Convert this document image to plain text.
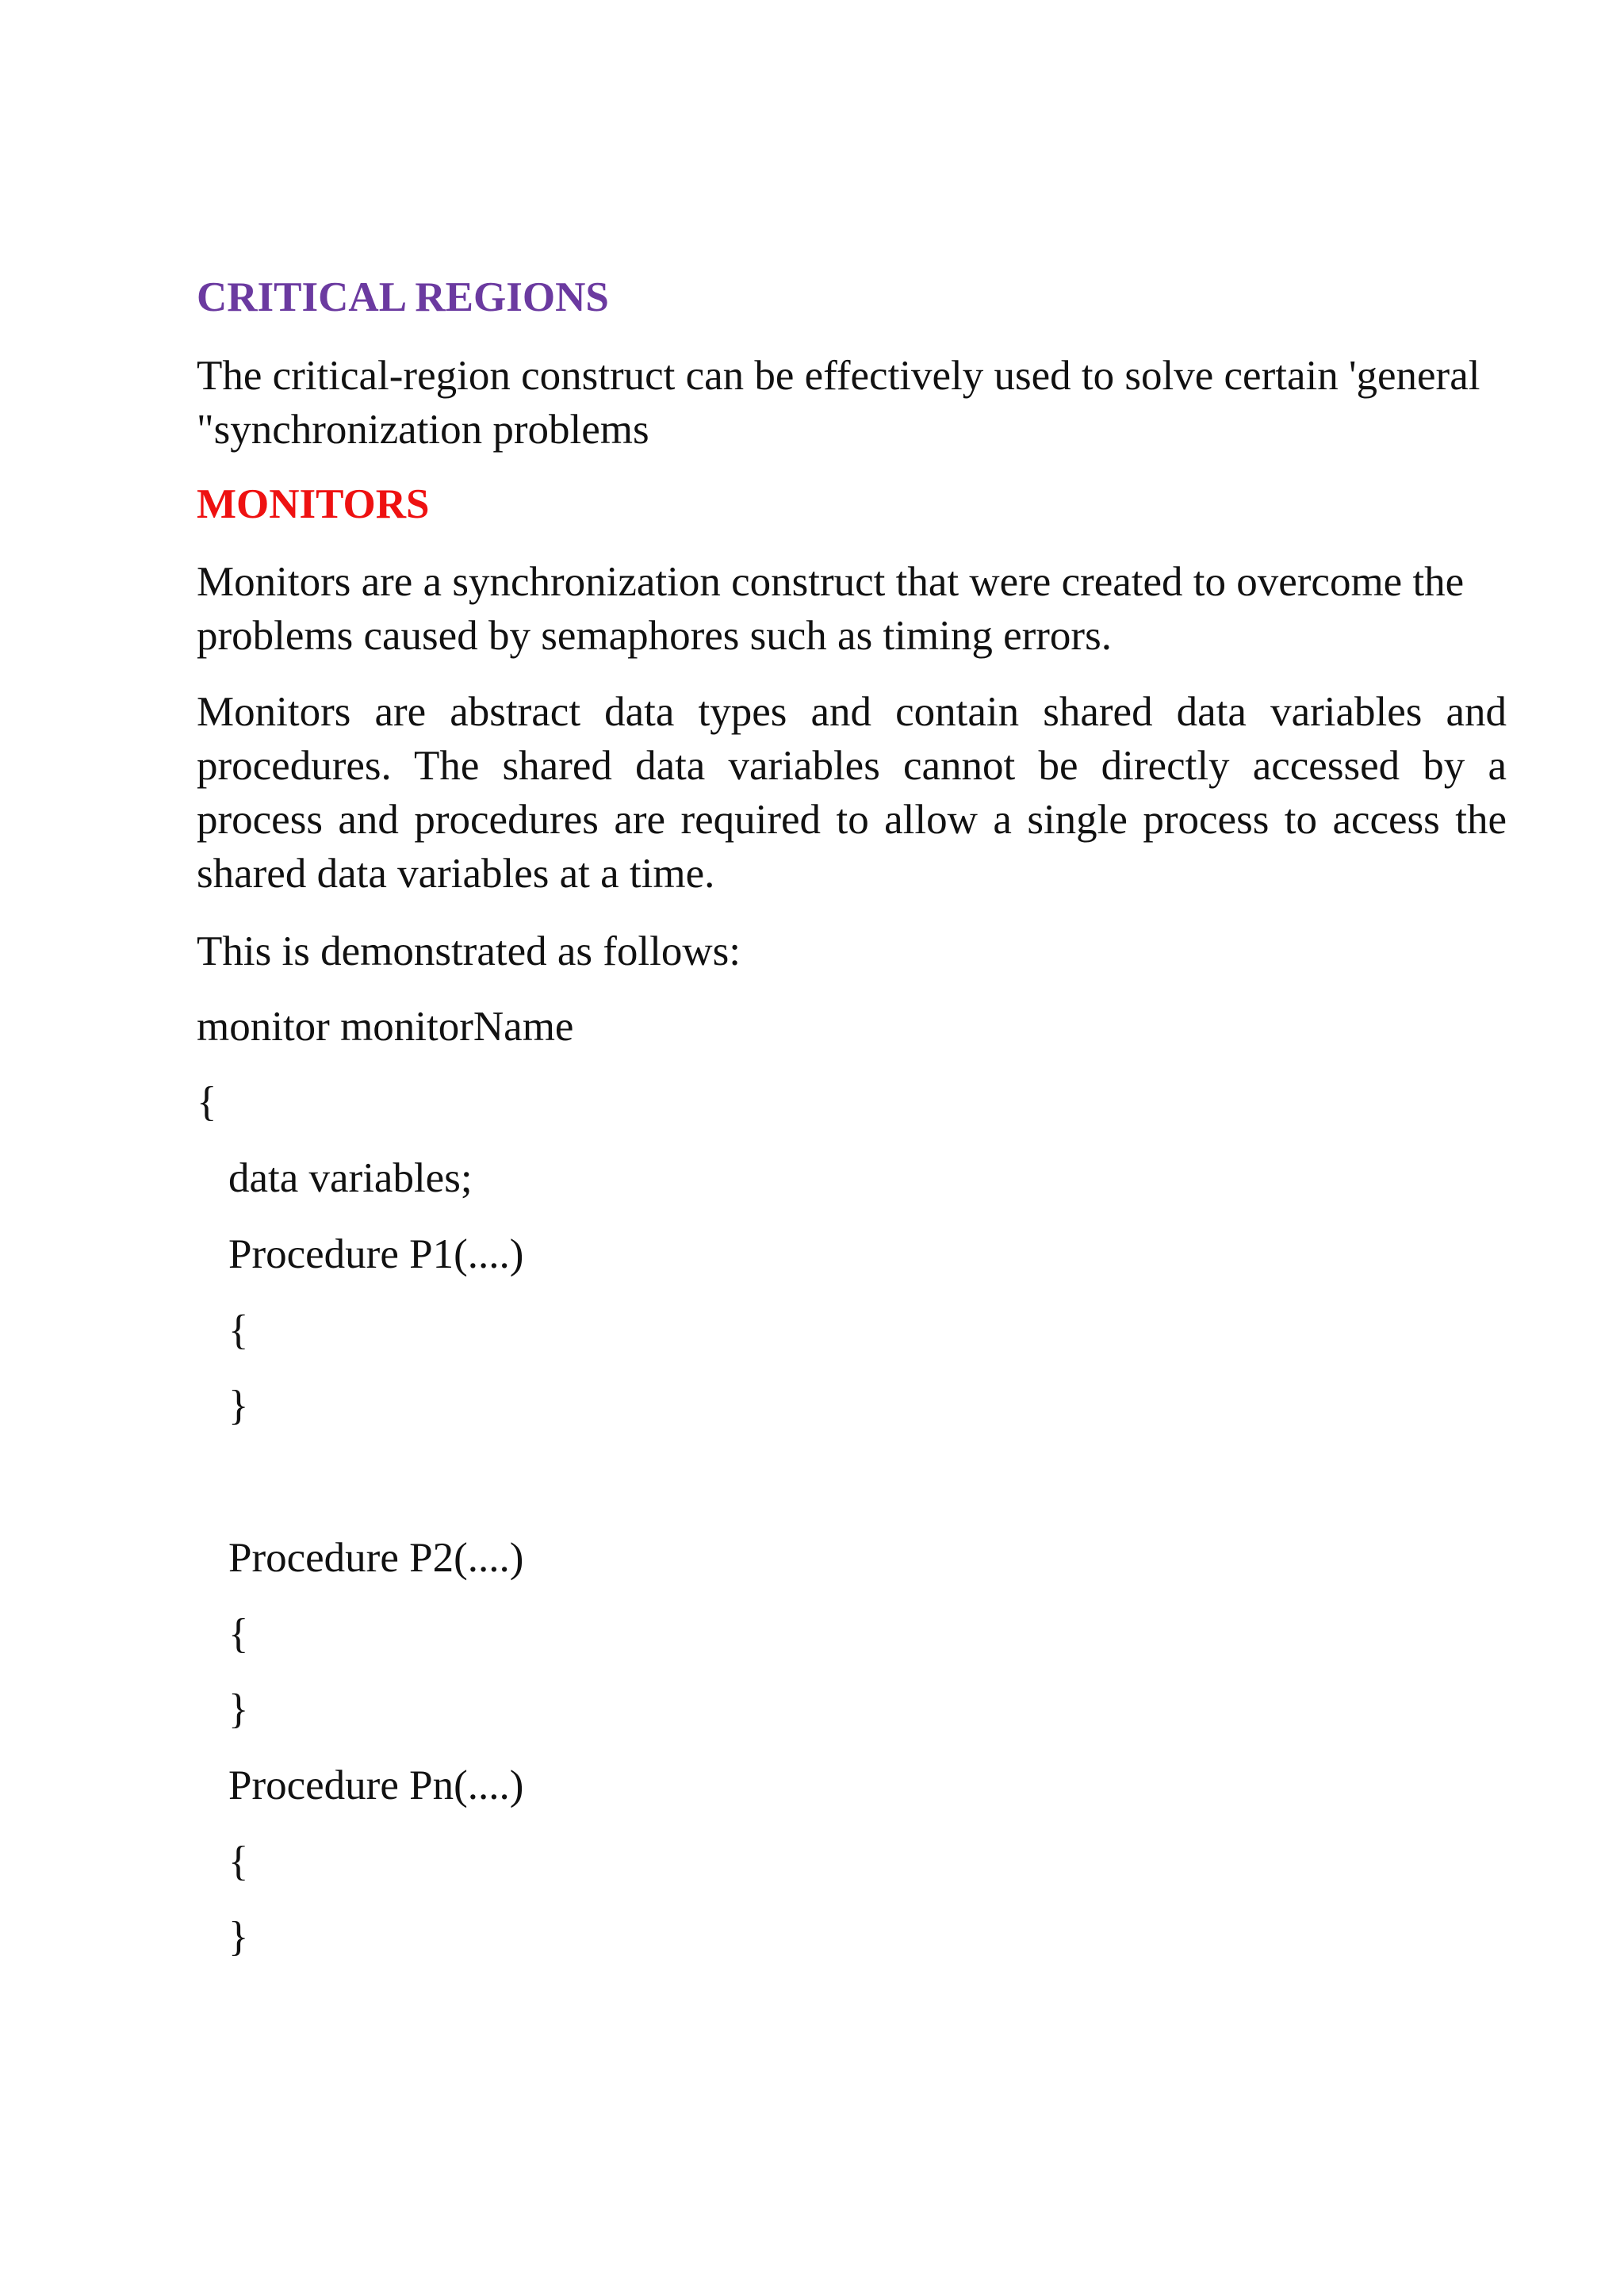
CRITICAL REGIONS

The critical-region construct can be effectively used to solve certain 'general "synchronization problems

MONITORS

Monitors are a synchronization construct that were created to overcome the problems caused by semaphores such as timing errors.

Monitors are abstract data types and contain shared data variables and procedures. The shared data variables cannot be directly accessed by a process and procedures are required to allow a single process to access the shared data variables at a time.

This is demonstrated as follows:

monitor monitorName
{
data variables;
Procedure P1(....)
{
}
Procedure P2(....)
{
}
Procedure Pn(....)
{
}
